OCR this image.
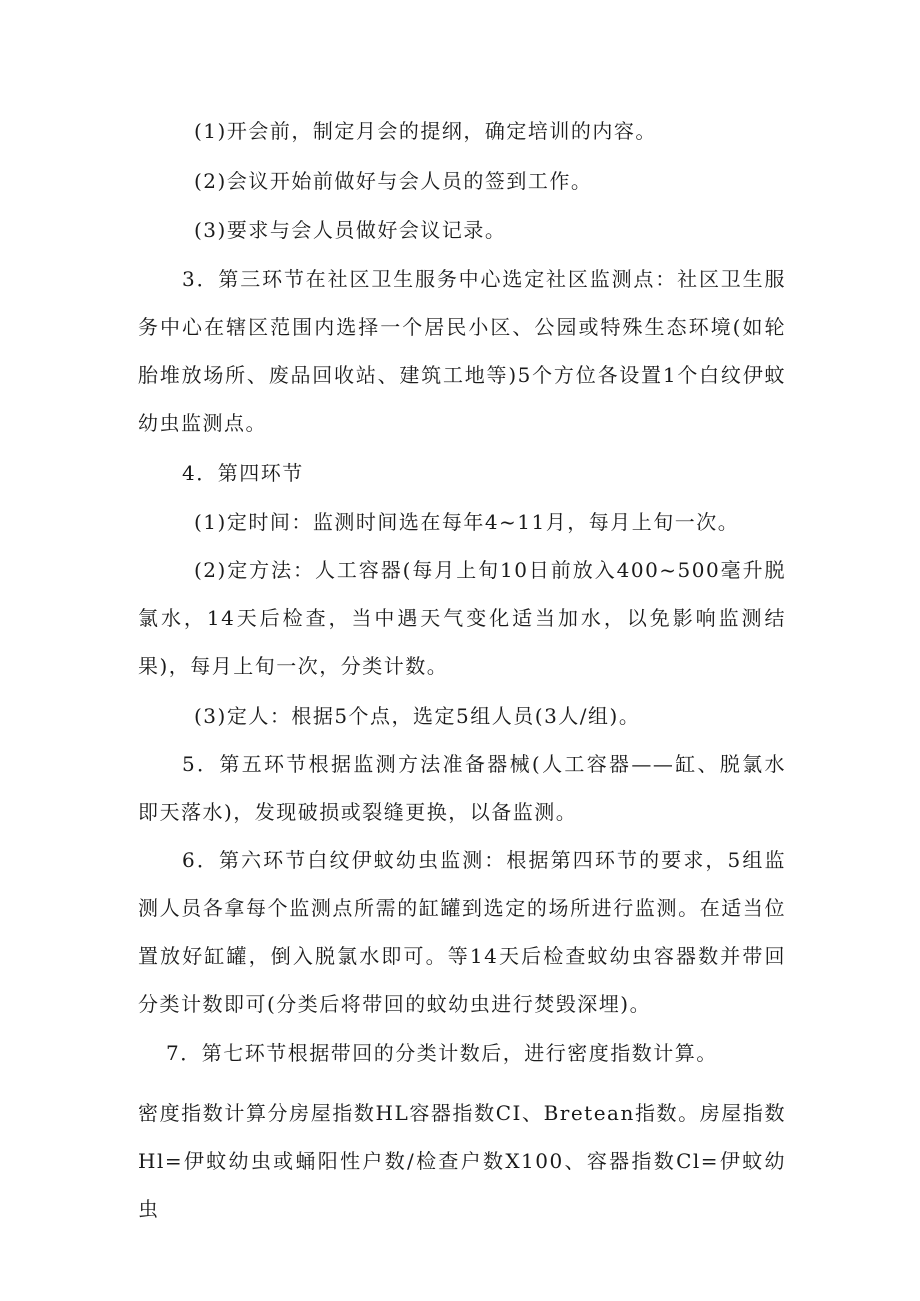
(1)开会前，制定月会的提纲，确定培训的内容。

(2)会议开始前做好与会人员的签到工作。

(3)要求与会人员做好会议记录。

3．第三环节在社区卫生服务中心选定社区监测点：社区卫生服务中心在辖区范围内选择一个居民小区、公园或特殊生态环境(如轮胎堆放场所、废品回收站、建筑工地等)5个方位各设置1个白纹伊蚊幼虫监测点。

4．第四环节

(1)定时间：监测时间选在每年4~11月，每月上旬一次。

(2)定方法：人工容器(每月上旬10日前放入400~500毫升脱氯水，14天后检查，当中遇天气变化适当加水，以免影响监测结果)，每月上旬一次，分类计数。

(3)定人：根据5个点，选定5组人员(3人/组)。

5．第五环节根据监测方法准备器械(人工容器——缸、脱氯水即天落水)，发现破损或裂缝更换，以备监测。

6．第六环节白纹伊蚊幼虫监测：根据第四环节的要求，5组监测人员各拿每个监测点所需的缸罐到选定的场所进行监测。在适当位置放好缸罐，倒入脱氯水即可。等14天后检查蚊幼虫容器数并带回分类计数即可(分类后将带回的蚊幼虫进行焚毁深埋)。

7．第七环节根据带回的分类计数后，进行密度指数计算。

密度指数计算分房屋指数HL容器指数CI、Bretean指数。房屋指数Hl=伊蚊幼虫或蛹阳性户数/检查户数X100、容器指数Cl=伊蚊幼虫
